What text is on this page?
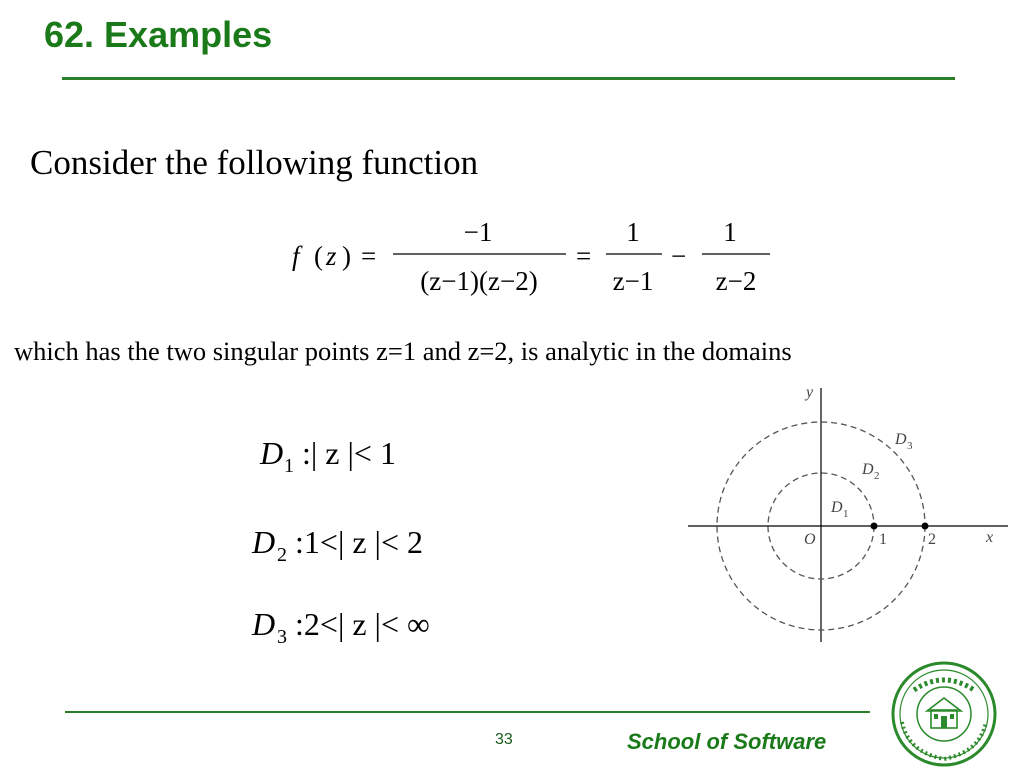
62. Examples
Consider the following function
f ( z ) =
−1
(z−1)(z−2)
=
1
z−1
−
1
z−2
which has the two singular points z=1 and z=2, is analytic in the domains
D 1 :| z |< 1
D 2 :1<| z |< 2
D 3 :2<| z |< ∞
y
x
O	1	2
D 1
D 2
D 3
33	School of Software
